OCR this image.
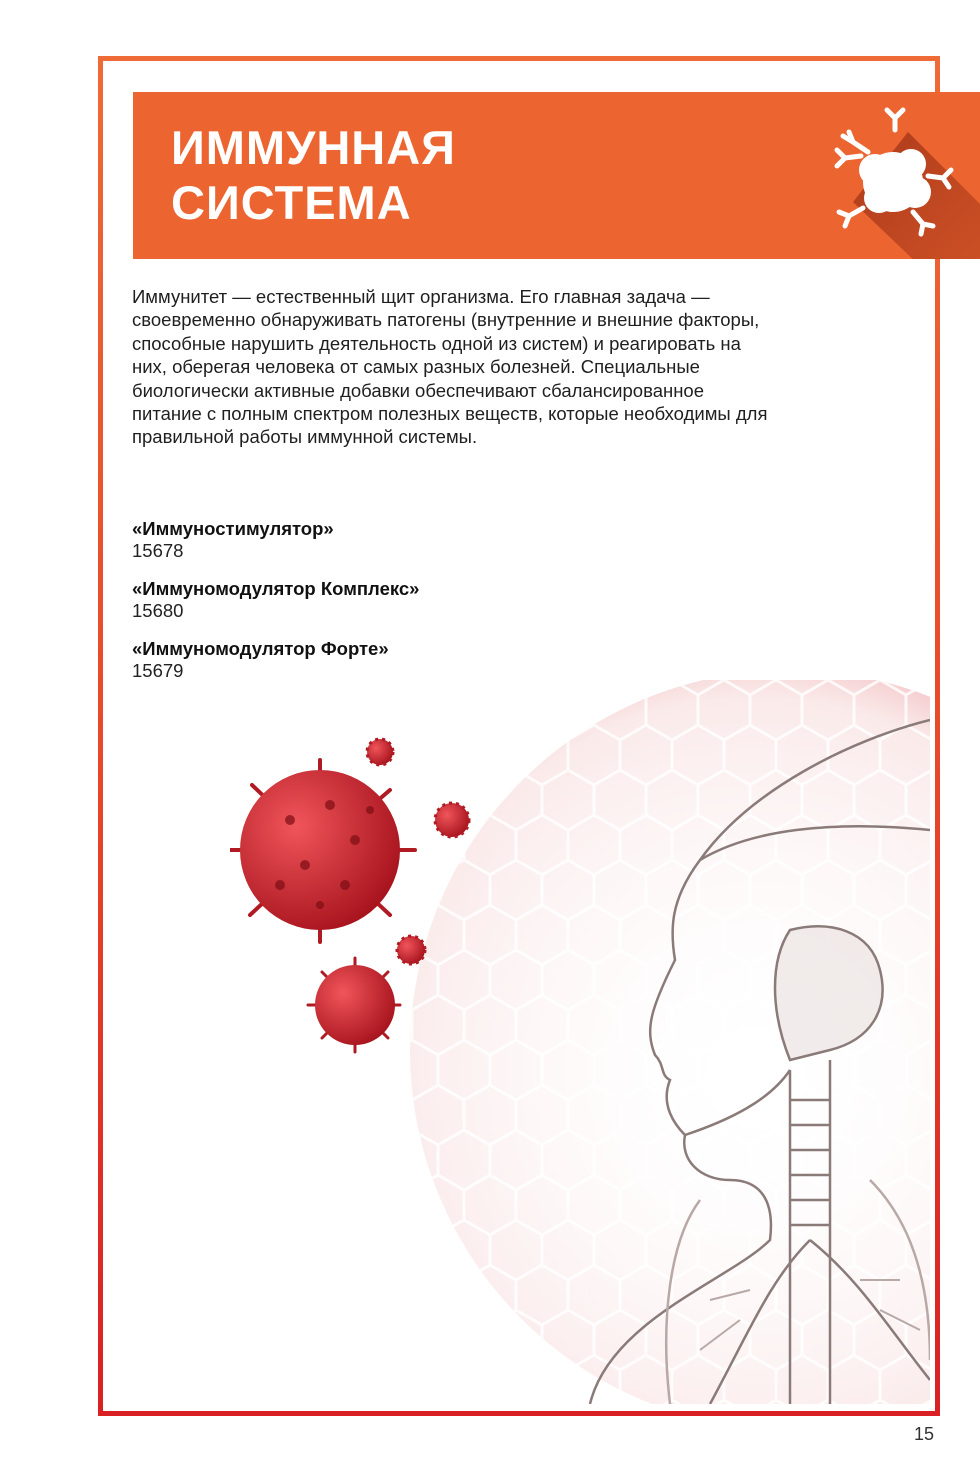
ИММУННАЯ
СИСТЕМА

Иммунитет — естественный щит организма. Его главная задача — своевременно обнаруживать патогены (внутренние и внешние факторы, способные нарушить деятельность одной из систем) и реагировать на них, оберегая человека от самых разных болезней. Специальные биологически активные добавки обеспечивают сбалансированное питание с полным спектром полезных веществ, которые необходимы для правильной работы иммунной системы.

«Иммуностимулятор»
15678
«Иммуномодулятор Комплекс»
15680
«Иммуномодулятор Форте»
15679
15
